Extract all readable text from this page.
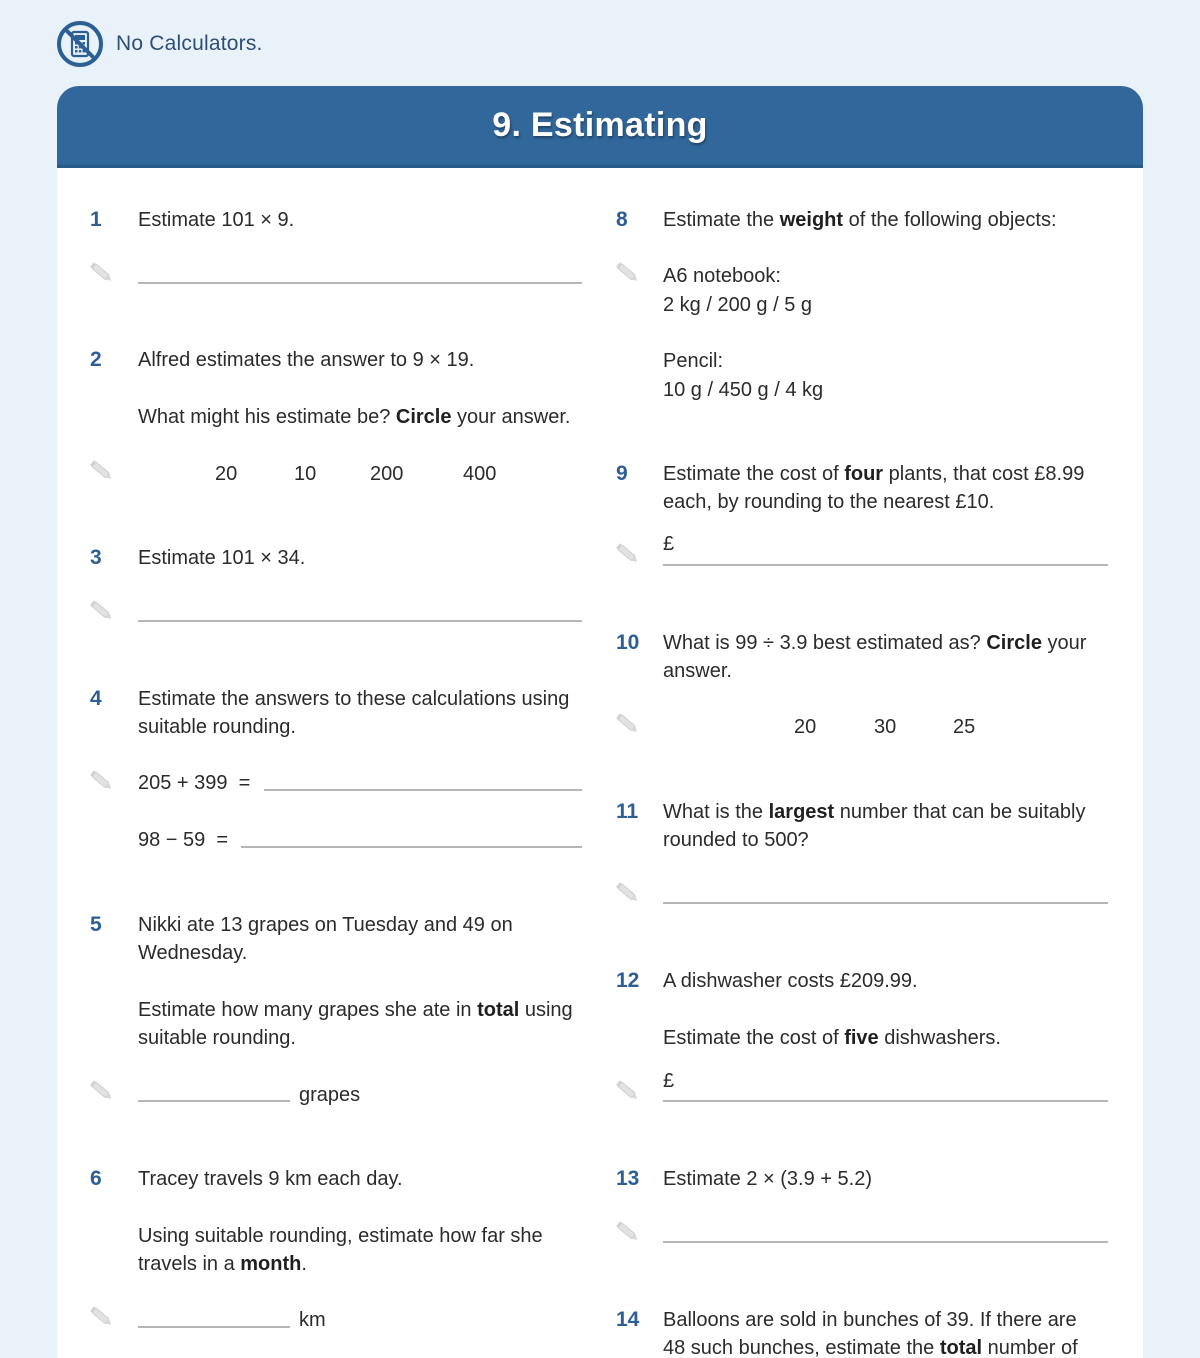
No Calculators.
9. Estimating
1 Estimate 101 × 9.
2 Alfred estimates the answer to 9 × 19.
What might his estimate be? Circle your answer.
20	10	200	400
3 Estimate 101 × 34.
4 Estimate the answers to these calculations using
suitable rounding.
205 + 399  =
98 − 59  =
5 Nikki ate 13 grapes on Tuesday and 49 on
Wednesday.
Estimate how many grapes she ate in total using
suitable rounding.
grapes
6 Tracey travels 9 km each day.
Using suitable rounding, estimate how far she
travels in a month.
km
8 Estimate the weight of the following objects:
A6 notebook:
2 kg / 200 g / 5 g
Pencil:
10 g / 450 g / 4 kg
9 Estimate the cost of four plants, that cost £8.99
each, by rounding to the nearest £10.
£
10 What is 99 ÷ 3.9 best estimated as? Circle your
answer.
20	30	25
11 What is the largest number that can be suitably
rounded to 500?
12 A dishwasher costs £209.99.
Estimate the cost of five dishwashers.
£
13 Estimate 2 × (3.9 + 5.2)
14 Balloons are sold in bunches of 39. If there are
48 such bunches, estimate the total number of
